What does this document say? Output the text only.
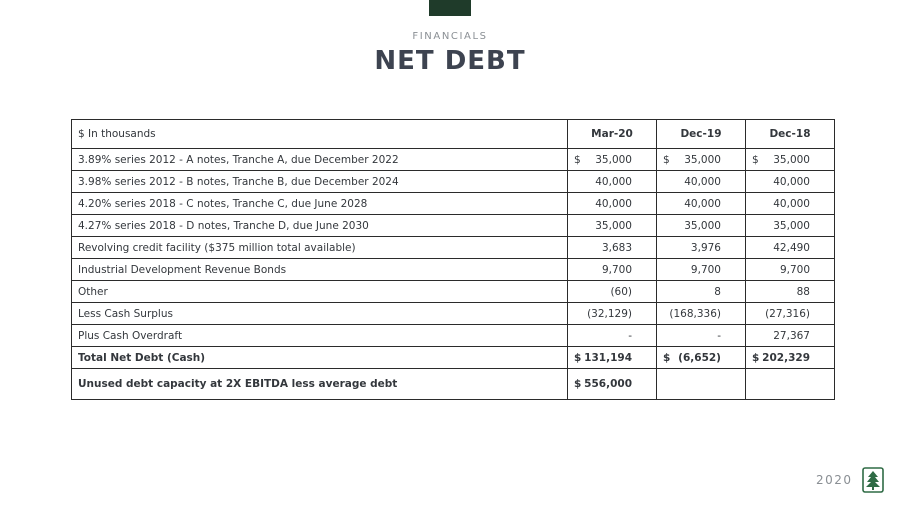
FINANCIALS
NET DEBT
$ In thousands	Mar-20	Dec-19	Dec-18
3.89% series 2012 - A notes, Tranche A, due December 2022	$ 35,000	$ 35,000	$ 35,000

3.98% series 2012 - B notes, Tranche B, due December 2024	40,000	40,000	40,000

4.20% series 2018 - C notes, Tranche C, due June 2028	40,000	40,000	40,000

4.27% series 2018 - D notes, Tranche D, due June 2030	35,000	35,000	35,000

Revolving credit facility ($375 million total available)	3,683	3,976	42,490

Industrial Development Revenue Bonds	9,700	9,700	9,700

Other	(60)	8	88

Less Cash Surplus	(32,129)	(168,336)	(27,316)

Plus Cash Overdraft	-	-	27,367

Total Net Debt (Cash)	$ 131,194	$ (6,652)	$ 202,329

Unused debt capacity at 2X EBITDA less average debt	$ 556,000		

2020
